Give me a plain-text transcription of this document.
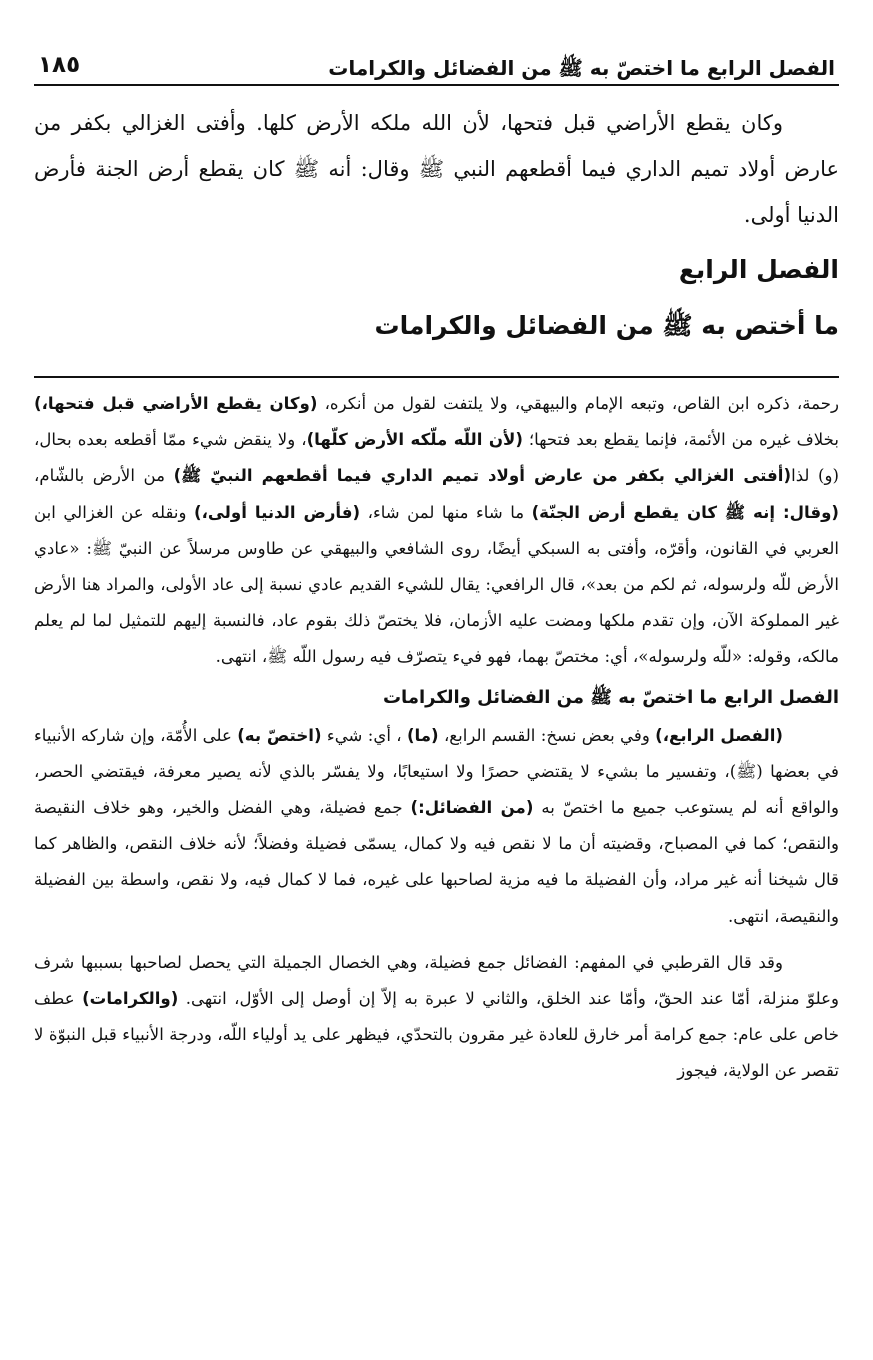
الفصل الرابع ما اختصّ به ﷺ من الفضائل والكرامات
١٨٥

وكان يقطع الأراضي قبل فتحها، لأن الله ملكه الأرض كلها. وأفتى الغزالي بكفر من عارض أولاد تميم الداري فيما أقطعهم النبي ﷺ وقال: أنه ﷺ كان يقطع أرض الجنة فأرض الدنيا أولى.

الفصل الرابع
ما أختص به ﷺ من الفضائل والكرامات

رحمة، ذكره ابن القاص، وتبعه الإمام والبيهقي، ولا يلتفت لقول من أنكره، (وكان يقطع الأراضي قبل فتحها،) بخلاف غيره من الأئمة، فإنما يقطع بعد فتحها؛ (لأن اللّه ملّكه الأرض كلّها)، ولا ينقض شيء ممّا أقطعه بعده بحال، (و) لذا(أفتى الغزالي بكفر من عارض أولاد تميم الداري فيما أقطعهم النبيّ ﷺ) من الأرض بالشّام، (وقال: إنه ﷺ كان يقطع أرض الجنّة) ما شاء منها لمن شاء، (فأرض الدنيا أولى،) ونقله عن الغزالي ابن العربي في القانون، وأقرّه، وأفتى به السبكي أيضًا، روى الشافعي والبيهقي عن طاوس مرسلاً عن النبيّ ﷺ: «عادي الأرض للّه ولرسوله، ثم لكم من بعد»، قال الرافعي: يقال للشيء القديم عادي نسبة إلى عاد الأولى، والمراد هنا الأرض غير المملوكة الآن، وإن تقدم ملكها ومضت عليه الأزمان، فلا يختصّ ذلك بقوم عاد، فالنسبة إليهم للتمثيل لما لم يعلم مالكه، وقوله: «للّه ولرسوله»، أي: مختصّ بهما، فهو فيء يتصرّف فيه رسول اللّه ﷺ، انتهى.

الفصل الرابع ما اختصّ به ﷺ من الفضائل والكرامات

(الفصل الرابع،) وفي بعض نسخ: القسم الرابع، (ما) ، أي: شيء (اختصّ به) على الأُمّة، وإن شاركه الأنبياء في بعضها (ﷺ)، وتفسير ما بشيء لا يقتضي حصرًا ولا استيعابًا، ولا يفسّر بالذي لأنه يصير معرفة، فيقتضي الحصر، والواقع أنه لم يستوعب جميع ما اختصّ به (من الفضائل:) جمع فضيلة، وهي الفضل والخير، وهو خلاف النقيصة والنقص؛ كما في المصباح، وقضيته أن ما لا نقص فيه ولا كمال، يسمّى فضيلة وفضلاً؛ لأنه خلاف النقص، والظاهر كما قال شيخنا أنه غير مراد، وأن الفضيلة ما فيه مزية لصاحبها على غيره، فما لا كمال فيه، ولا نقص، واسطة بين الفضيلة والنقيصة، انتهى.

وقد قال القرطبي في المفهم: الفضائل جمع فضيلة، وهي الخصال الجميلة التي يحصل لصاحبها بسببها شرف وعلوّ منزلة، أمّا عند الحقّ، وأمّا عند الخلق، والثاني لا عبرة به إلاّ إن أوصل إلى الأوّل، انتهى. (والكرامات) عطف خاص على عام: جمع كرامة أمر خارق للعادة غير مقرون بالتحدّي، فيظهر على يد أولياء اللّه، ودرجة الأنبياء قبل النبوّة لا تقصر عن الولاية، فيجوز
